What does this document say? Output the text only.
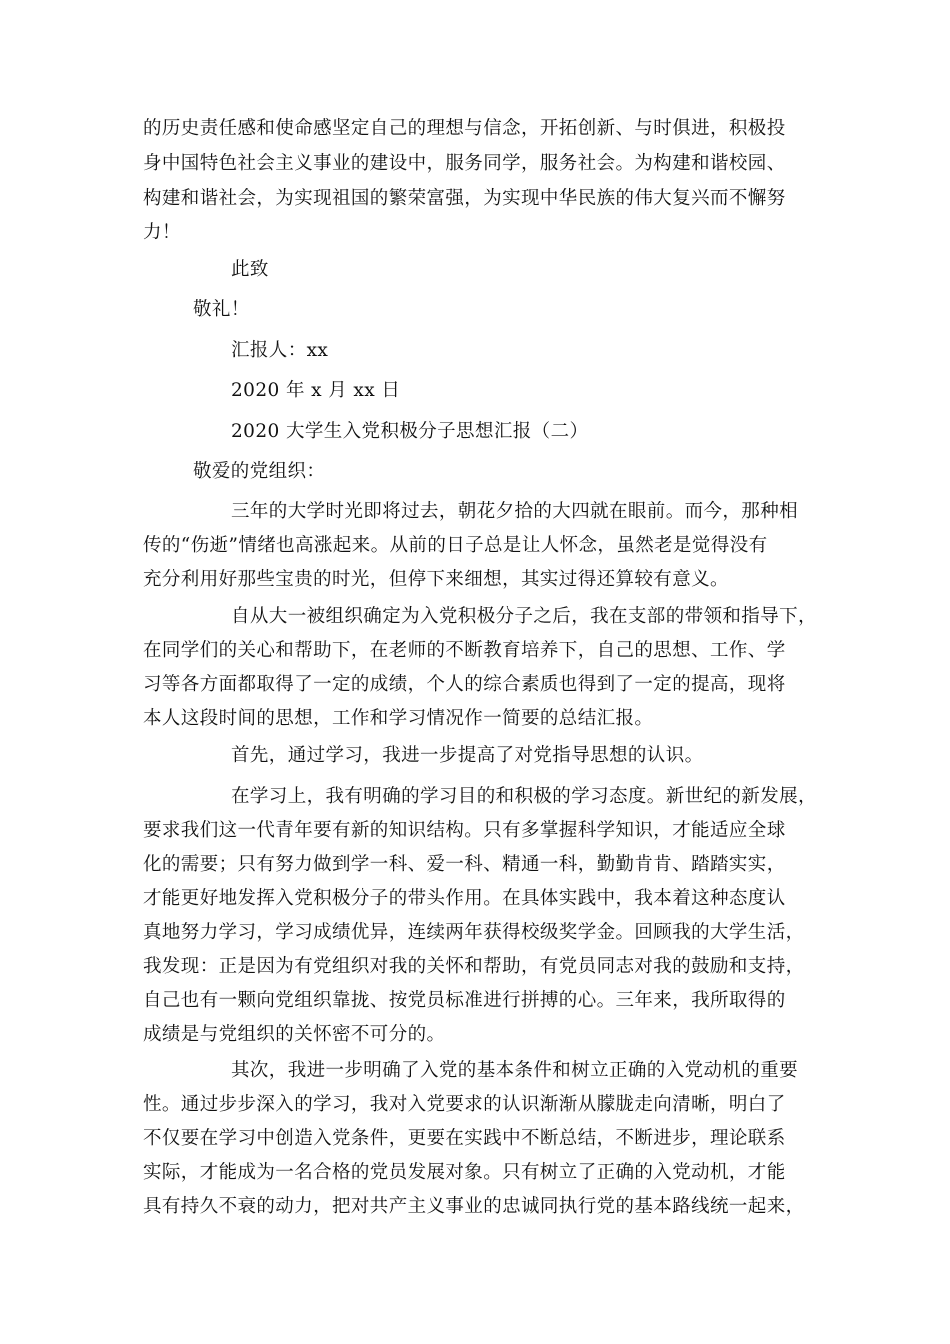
的历史责任感和使命感坚定自己的理想与信念，开拓创新、与时俱进，积极投
身中国特色社会主义事业的建设中，服务同学，服务社会。为构建和谐校园、
构建和谐社会，为实现祖国的繁荣富强，为实现中华民族的伟大复兴而不懈努
力！
此致
敬礼！
汇报人：xx
2020 年 x 月 xx 日
2020 大学生入党积极分子思想汇报（二）
敬爱的党组织：
三年的大学时光即将过去，朝花夕拾的大四就在眼前。而今，那种相
传的“伤逝”情绪也高涨起来。从前的日子总是让人怀念，虽然老是觉得没有
充分利用好那些宝贵的时光，但停下来细想，其实过得还算较有意义。
自从大一被组织确定为入党积极分子之后，我在支部的带领和指导下，
在同学们的关心和帮助下，在老师的不断教育培养下，自己的思想、工作、学
习等各方面都取得了一定的成绩，个人的综合素质也得到了一定的提高，现将
本人这段时间的思想，工作和学习情况作一简要的总结汇报。
首先，通过学习，我进一步提高了对党指导思想的认识。
在学习上，我有明确的学习目的和积极的学习态度。新世纪的新发展，
要求我们这一代青年要有新的知识结构。只有多掌握科学知识，才能适应全球
化的需要；只有努力做到学一科、爱一科、精通一科，勤勤肯肯、踏踏实实，
才能更好地发挥入党积极分子的带头作用。在具体实践中，我本着这种态度认
真地努力学习，学习成绩优异，连续两年获得校级奖学金。回顾我的大学生活，
我发现：正是因为有党组织对我的关怀和帮助，有党员同志对我的鼓励和支持，
自己也有一颗向党组织靠拢、按党员标准进行拼搏的心。三年来，我所取得的
成绩是与党组织的关怀密不可分的。
其次，我进一步明确了入党的基本条件和树立正确的入党动机的重要
性。通过步步深入的学习，我对入党要求的认识渐渐从朦胧走向清晰，明白了
不仅要在学习中创造入党条件，更要在实践中不断总结，不断进步，理论联系
实际，才能成为一名合格的党员发展对象。只有树立了正确的入党动机，才能
具有持久不衰的动力，把对共产主义事业的忠诚同执行党的基本路线统一起来，
